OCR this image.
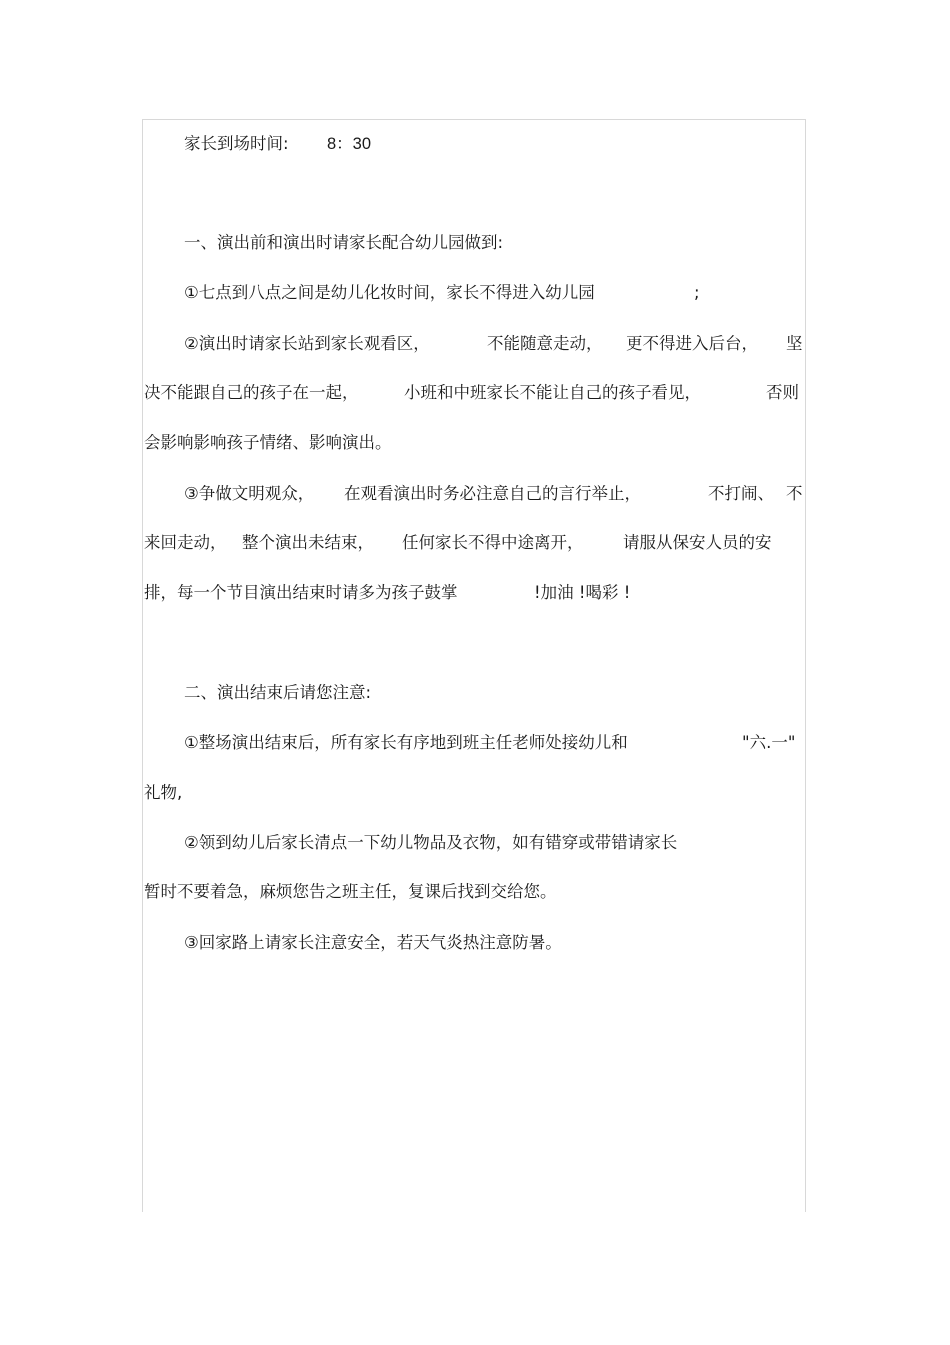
家长到场时间: 8：30
一、演出前和演出时请家长配合幼儿园做到:
①七点到八点之间是幼儿化妆时间，家长不得进入幼儿园	;
②演出时请家长站到家长观看区，	不能随意走动， 更不得进入后台， 坚
决不能跟自己的孩子在一起，	小班和中班家长不能让自己的孩子看见，	否则
会影响影响孩子情绪、影响演出。
③争做文明观众， 在观看演出时务必注意自己的言行举止，	不打闹、 不
来回走动， 整个演出未结束， 任何家长不得中途离开， 请服从保安人员的安
排，每一个节目演出结束时请多为孩子鼓掌	!加油 !喝彩 !
二、演出结束后请您注意:
①整场演出结束后，所有家长有序地到班主任老师处接幼儿和	"六.一"
礼物,
②领到幼儿后家长清点一下幼儿物品及衣物，如有错穿或带错请家长
暂时不要着急，麻烦您告之班主任，复课后找到交给您。
③回家路上请家长注意安全，若天气炎热注意防暑。
